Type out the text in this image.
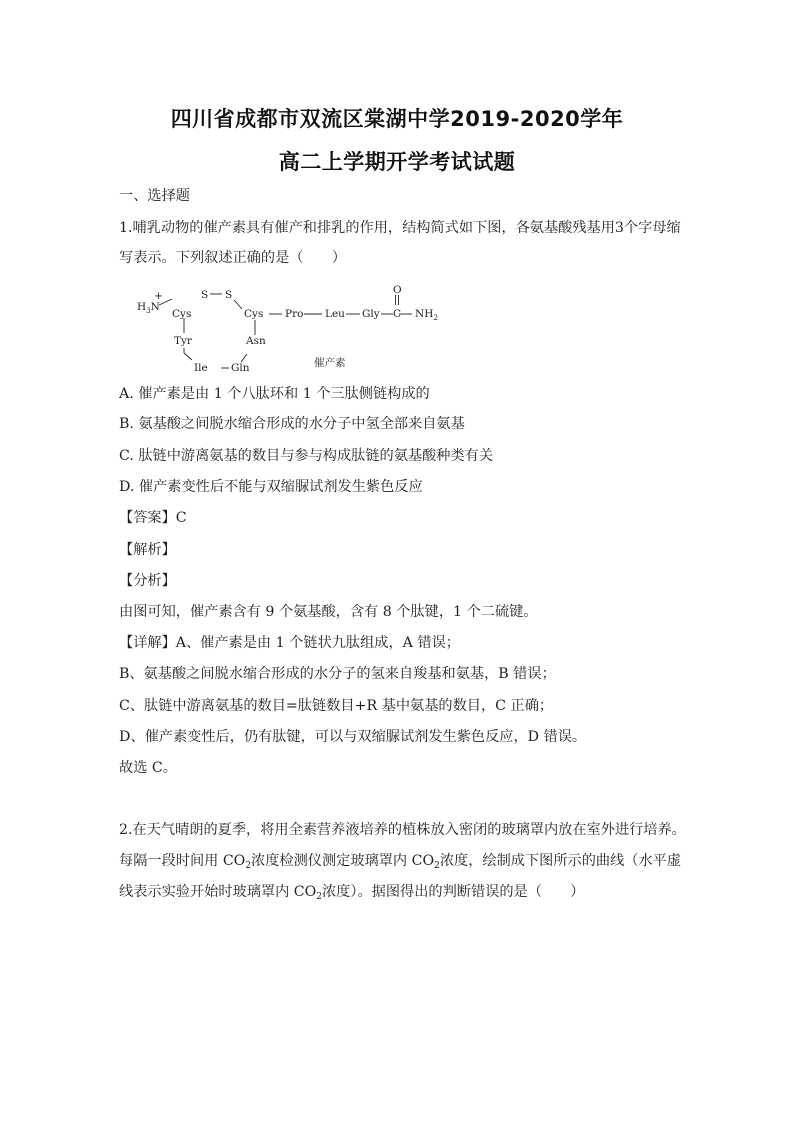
四川省成都市双流区棠湖中学2019-2020学年
高二上学期开学考试试题
一、选择题
1.哺乳动物的催产素具有催产和排乳的作用，结构简式如下图，各氨基酸残基用3个字母缩
写表示。下列叙述正确的是（　　）
$H_3N$
+	S S
Cys	Cys Pro Leu Gly C
O
$NH_2$
Tyr	Asn
Ile Gln	催产素
A. 催产素是由 1 个八肽环和 1 个三肽侧链构成的
B. 氨基酸之间脱水缩合形成的水分子中氢全部来自氨基
C. 肽链中游离氨基的数目与参与构成肽链的氨基酸种类有关
D. 催产素变性后不能与双缩脲试剂发生紫色反应
【答案】C
【解析】
【分析】
由图可知，催产素含有 9 个氨基酸，含有 8 个肽键，1 个二硫键。
【详解】A、催产素是由 1 个链状九肽组成，A 错误；
B、氨基酸之间脱水缩合形成的水分子的氢来自羧基和氨基，B 错误；
C、肽链中游离氨基的数目=肽链数目+R 基中氨基的数目，C 正确；
D、催产素变性后，仍有肽键，可以与双缩脲试剂发生紫色反应，D 错误。
故选 C。
2.在天气晴朗的夏季，将用全素营养液培养的植株放入密闭的玻璃罩内放在室外进行培养。
每隔一段时间用 $CO_2$浓度检测仪测定玻璃罩内 $CO_2$浓度，绘制成下图所示的曲线（水平虚
线表示实验开始时玻璃罩内 $CO_2$浓度）。据图得出的判断错误的是（　　）
